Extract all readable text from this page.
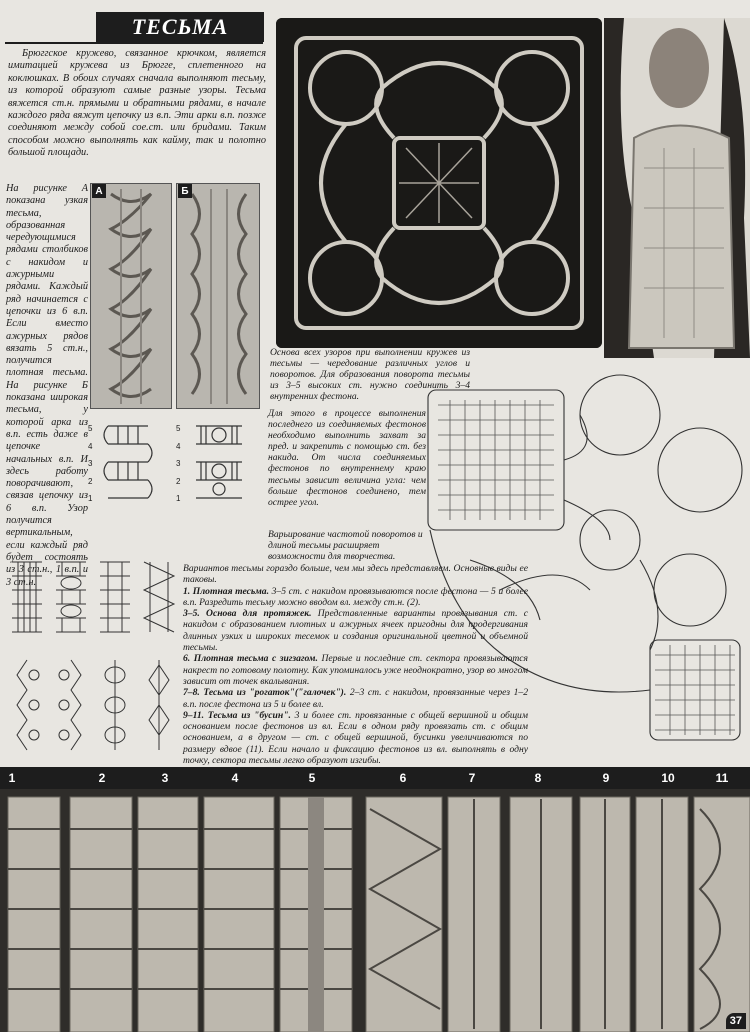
ТЕСЬМА
Брюггское кружево, связанное крючком, является имитацией кружева из Брюгге, сплетенного на коклюшках. В обоих случаях сначала выполняют тесьму, из которой образуют самые разные узоры. Тесьма вяжется ст.н. прямыми и обратными рядами, в начале каждого ряда вяжут цепочку из в.п. Эти арки в.п. позже соединяют между собой сое.ст. или бридами. Таким способом можно выполнять как кайму, так и полотно большой площади.
На рисунке А показана узкая тесьма, образованная чередующимися рядами столбиков с накидом и ажурными рядами. Каждый ряд начинается с цепочки из 6 в.п. Если вместо ажурных рядов вязать 5 ст.н., получится плотная тесьма. На рисунке Б показана широкая тесьма, у которой арка из в.п. есть даже в цепочке начальных в.п. И здесь работу поворачивают, связав цепочку из 6 в.п. Узор получится вертикальным, если каждый ряд будет состоять из 3 ст.н., 1 в.п. и 3 ст.н.
А	Б
5
4
3
2
1
5
4
3
2
1
Основа всех узоров при выполнении кружев из тесьмы — чередование различных углов и поворотов. Для образования поворота тесьмы из 3–5 высоких ст. нужно соединить 3–4 внутренних фестона.
Для этого в процессе выполнения последнего из соединяемых фестонов необходимо выполнить захват за пред. и закрепить с помощью ст. без накида. От числа соединяемых фестонов по внутреннему краю тесьмы зависит величина угла: чем больше фестонов соединено, тем острее угол.
Варьирование частотой поворотов и длиной тесьмы расширяет возможности для творчества.
Вариантов тесьмы гораздо больше, чем мы здесь представляем. Основные виды ее таковы.
1. Плотная тесьма. 3–5 ст. с накидом провязываются после фестона — 5 и более в.п. Разредить тесьму можно вводом вл. между ст.н. (2).
3–5. Основа для протяжек. Представленные варианты провязывания ст. с накидом с образованием плотных и ажурных ячеек пригодны для продергивания длинных узких и широких тесемок и создания оригинальной цветной и объемной тесьмы.
6. Плотная тесьма с зигзагом. Первые и последние ст. сектора провязываются накрест по готовому полотну. Как упоминалось уже неоднократно, узор во многом зависит от точек вкалывания.
7–8. Тесьма из "рогаток"("галочек"). 2–3 ст. с накидом, провязанные через 1–2 в.п. после фестона из 5 и более вл.
9–11. Тесьма из "бусин". 3 и более ст. провязанные с общей вершиной и общим основанием после фестонов из вл. Если в одном ряду провязать ст. с общим основанием, а в другом — ст. с общей вершиной, бусинки увеличиваются по размеру вдвое (11). Если начало и фиксацию фестонов из вл. выполнять в одну точку, сектора тесьмы легко образуют изгибы.
1	2	3	4	5	6	7	8	9	10	11
37
